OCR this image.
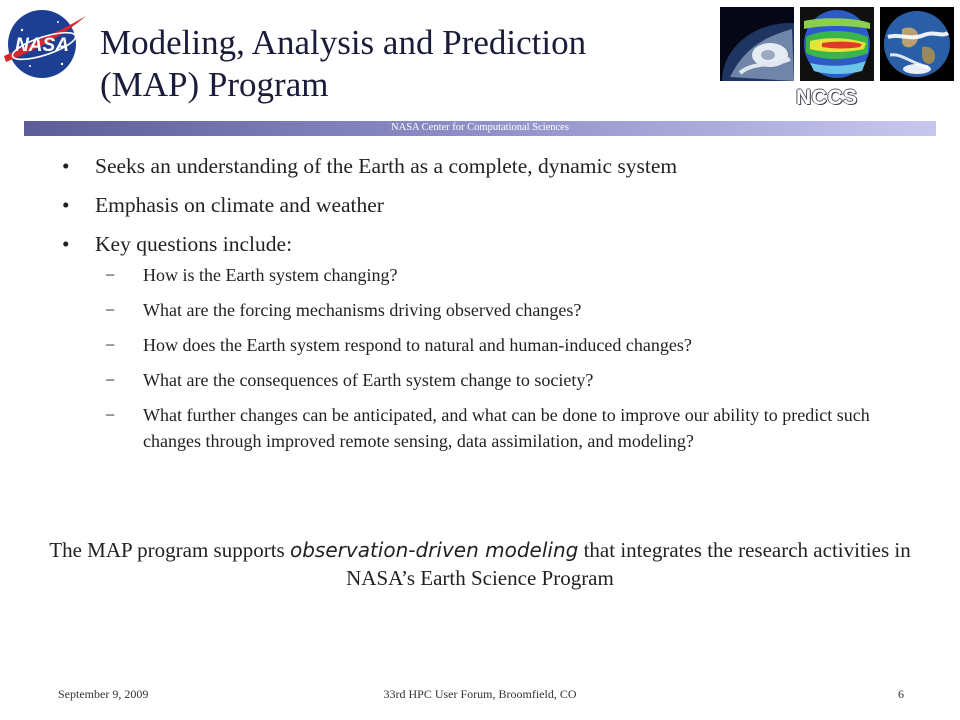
NASA Modeling, Analysis and Prediction
(MAP) Program	NCCS
NASA Center for Computational Sciences
• Seeks an understanding of the Earth as a complete, dynamic system
• Emphasis on climate and weather
• Key questions include:
− How is the Earth system changing?
− What are the forcing mechanisms driving observed changes?
− How does the Earth system respond to natural and human-induced changes?
− What are the consequences of Earth system change to society?
− What further changes can be anticipated, and what can be done to improve our ability to predict such changes through improved remote sensing, data assimilation, and modeling?
The MAP program supports observation-driven modeling that integrates the research activities in NASA’s Earth Science Program
September 9, 2009	33rd HPC User Forum, Broomfield, CO	6
